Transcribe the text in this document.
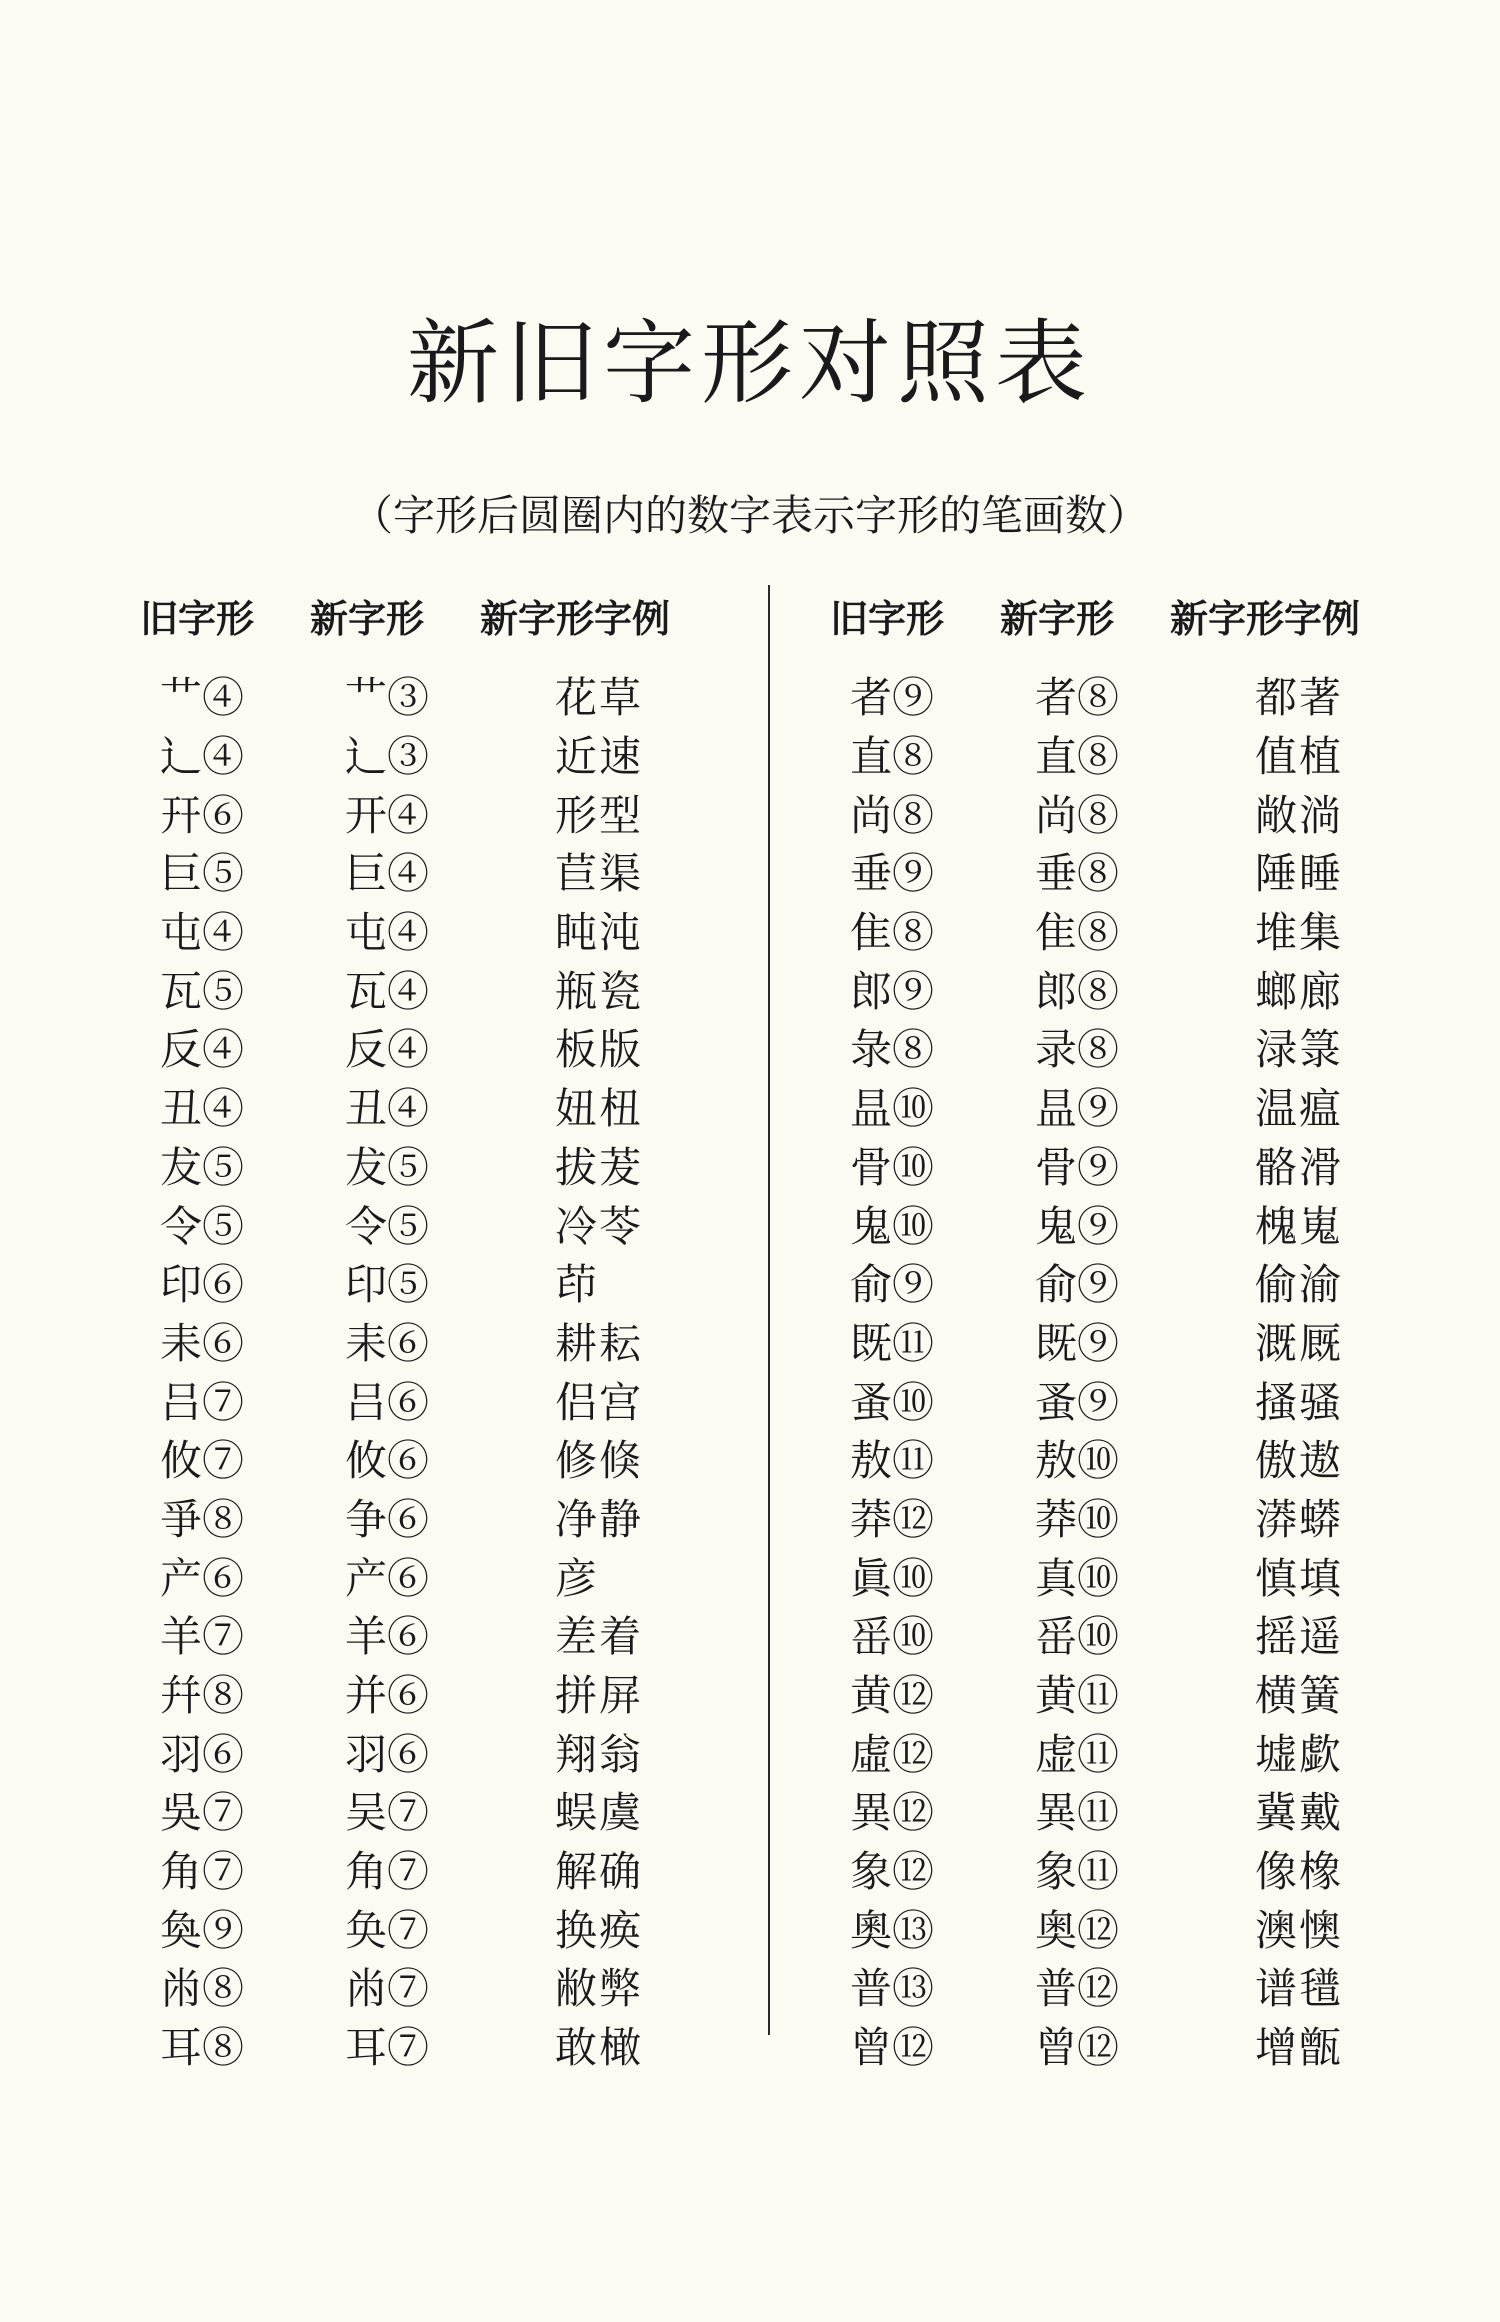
新旧字形对照表
（字形后圆圈内的数字表示字形的笔画数）
旧字形	新字形	新字形字例
艹④	艹③	花草
辶④	辶③	近速
幵⑥	开④	形型
巨⑤	巨④	苣渠
屯④	屯④	盹沌
瓦⑤	瓦④	瓶瓷
反④	反④	板版
丑④	丑④	妞杻
犮⑤	犮⑤	拔茇
令⑤	令⑤	冷苓
印⑥	印⑤	茚
耒⑥	耒⑥	耕耘
吕⑦	吕⑥	侣宫
攸⑦	攸⑥	修倏
爭⑧	争⑥	净静
产⑥	产⑥	彦
羊⑦	羊⑥	差着
幷⑧	并⑥	拼屏
羽⑥	羽⑥	翔翁
吳⑦	吴⑦	蜈虞
角⑦	角⑦	解确
奐⑨	奂⑦	换痪
㡀⑧	㡀⑦	敝弊
耳⑧	耳⑦	敢橄
旧字形	新字形	新字形字例
者⑨	者⑧	都著
直⑧	直⑧	值植
尚⑧	尚⑧	敞淌
垂⑨	垂⑧	陲睡
隹⑧	隹⑧	堆集
郎⑨	郎⑧	螂廊
彔⑧	录⑧	渌箓
昷⑩	昷⑨	温瘟
骨⑩	骨⑨	骼滑
鬼⑩	鬼⑨	槐嵬
俞⑨	俞⑨	偷渝
既⑪	既⑨	溉厩
蚤⑩	蚤⑨	搔骚
敖⑪	敖⑩	傲遨
莽⑫	莽⑩	漭蟒
眞⑩	真⑩	慎填
䍃⑩	䍃⑩	摇遥
黄⑫	黄⑪	横簧
虛⑫	虚⑪	墟歔
異⑫	異⑪	冀戴
象⑫	象⑪	像橡
奧⑬	奥⑫	澳懊
普⑬	普⑫	谱氆
曾⑫	曾⑫	增甑
